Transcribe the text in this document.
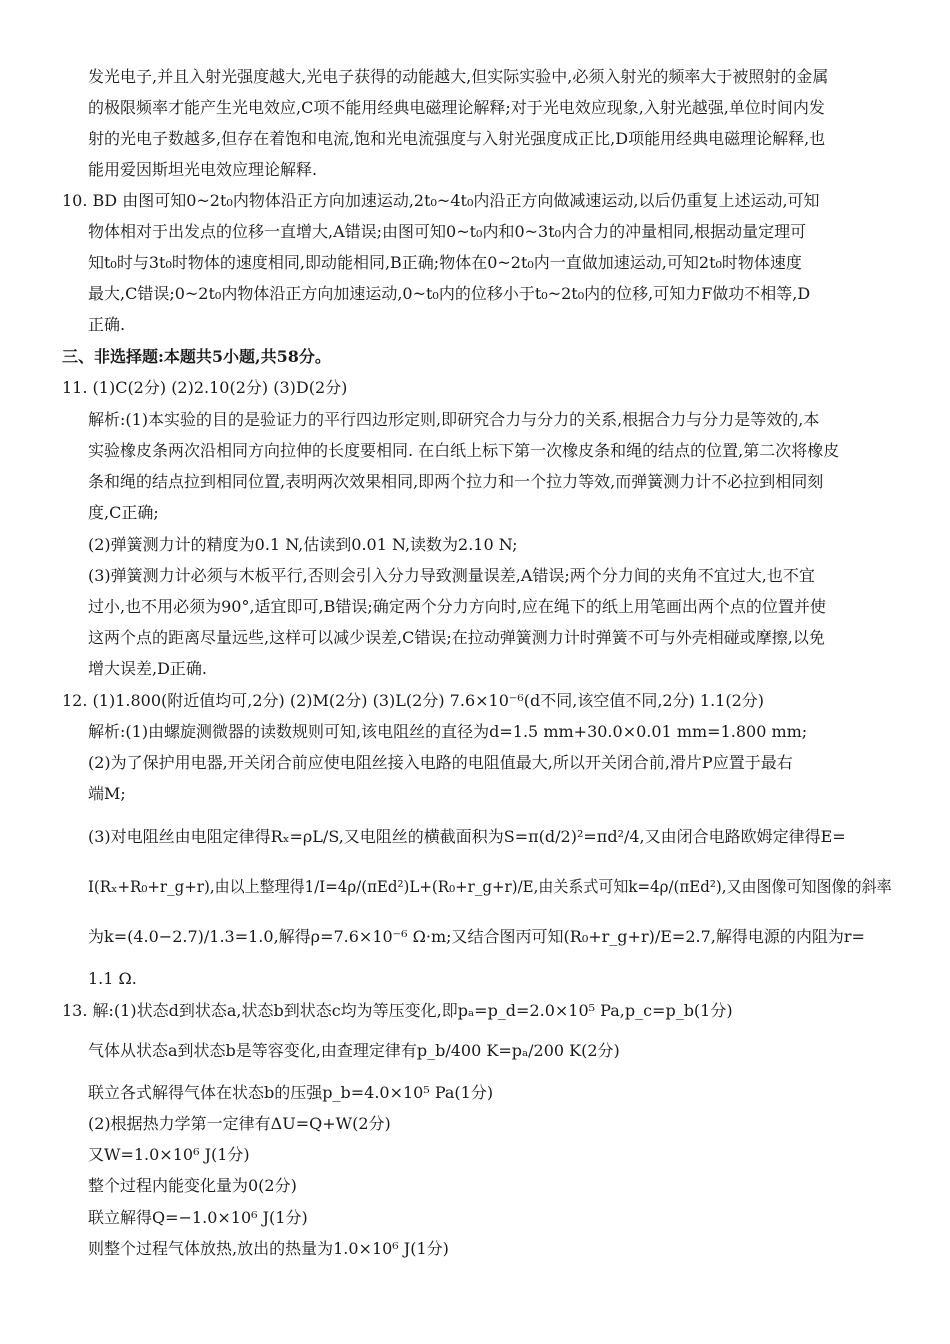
发光电子,并且入射光强度越大,光电子获得的动能越大,但实际实验中,必须入射光的频率大于被照射的金属
的极限频率才能产生光电效应,C项不能用经典电磁理论解释;对于光电效应现象,入射光越强,单位时间内发
射的光电子数越多,但存在着饱和电流,饱和光电流强度与入射光强度成正比,D项能用经典电磁理论解释,也
能用爱因斯坦光电效应理论解释.
10. BD 由图可知0~2t₀内物体沿正方向加速运动,2t₀~4t₀内沿正方向做减速运动,以后仍重复上述运动,可知
物体相对于出发点的位移一直增大,A错误;由图可知0~t₀内和0~3t₀内合力的冲量相同,根据动量定理可
知t₀时与3t₀时物体的速度相同,即动能相同,B正确;物体在0~2t₀内一直做加速运动,可知2t₀时物体速度
最大,C错误;0~2t₀内物体沿正方向加速运动,0~t₀内的位移小于t₀~2t₀内的位移,可知力F做功不相等,D
正确.
三、非选择题:本题共5小题,共58分。
11. (1)C(2分) (2)2.10(2分) (3)D(2分)
解析:(1)本实验的目的是验证力的平行四边形定则,即研究合力与分力的关系,根据合力与分力是等效的,本
实验橡皮条两次沿相同方向拉伸的长度要相同. 在白纸上标下第一次橡皮条和绳的结点的位置,第二次将橡皮
条和绳的结点拉到相同位置,表明两次效果相同,即两个拉力和一个拉力等效,而弹簧测力计不必拉到相同刻
度,C正确;
(2)弹簧测力计的精度为0.1 N,估读到0.01 N,读数为2.10 N;
(3)弹簧测力计必须与木板平行,否则会引入分力导致测量误差,A错误;两个分力间的夹角不宜过大,也不宜
过小,也不用必须为90°,适宜即可,B错误;确定两个分力方向时,应在绳下的纸上用笔画出两个点的位置并使
这两个点的距离尽量远些,这样可以减少误差,C错误;在拉动弹簧测力计时弹簧不可与外壳相碰或摩擦,以免
增大误差,D正确.
12. (1)1.800(附近值均可,2分) (2)M(2分) (3)L(2分) 7.6×10⁻⁶(d不同,该空值不同,2分) 1.1(2分)
解析:(1)由螺旋测微器的读数规则可知,该电阻丝的直径为d=1.5 mm+30.0×0.01 mm=1.800 mm;
(2)为了保护用电器,开关闭合前应使电阻丝接入电路的电阻值最大,所以开关闭合前,滑片P应置于最右
端M;
(3)对电阻丝由电阻定律得Rₓ=ρL/S,又电阻丝的横截面积为S=π(d/2)²=πd²/4,又由闭合电路欧姆定律得E=
I(Rₓ+R₀+r_g+r),由以上整理得1/I=4ρ/(πEd²)L+(R₀+r_g+r)/E,由关系式可知k=4ρ/(πEd²),又由图像可知图像的斜率
为k=(4.0−2.7)/1.3=1.0,解得ρ=7.6×10⁻⁶ Ω·m;又结合图丙可知(R₀+r_g+r)/E=2.7,解得电源的内阻为r=
1.1 Ω.
13. 解:(1)状态d到状态a,状态b到状态c均为等压变化,即pₐ=p_d=2.0×10⁵ Pa,p_c=p_b(1分)
气体从状态a到状态b是等容变化,由查理定律有p_b/400 K=pₐ/200 K(2分)
联立各式解得气体在状态b的压强p_b=4.0×10⁵ Pa(1分)
(2)根据热力学第一定律有ΔU=Q+W(2分)
又W=1.0×10⁶ J(1分)
整个过程内能变化量为0(2分)
联立解得Q=−1.0×10⁶ J(1分)
则整个过程气体放热,放出的热量为1.0×10⁶ J(1分)
